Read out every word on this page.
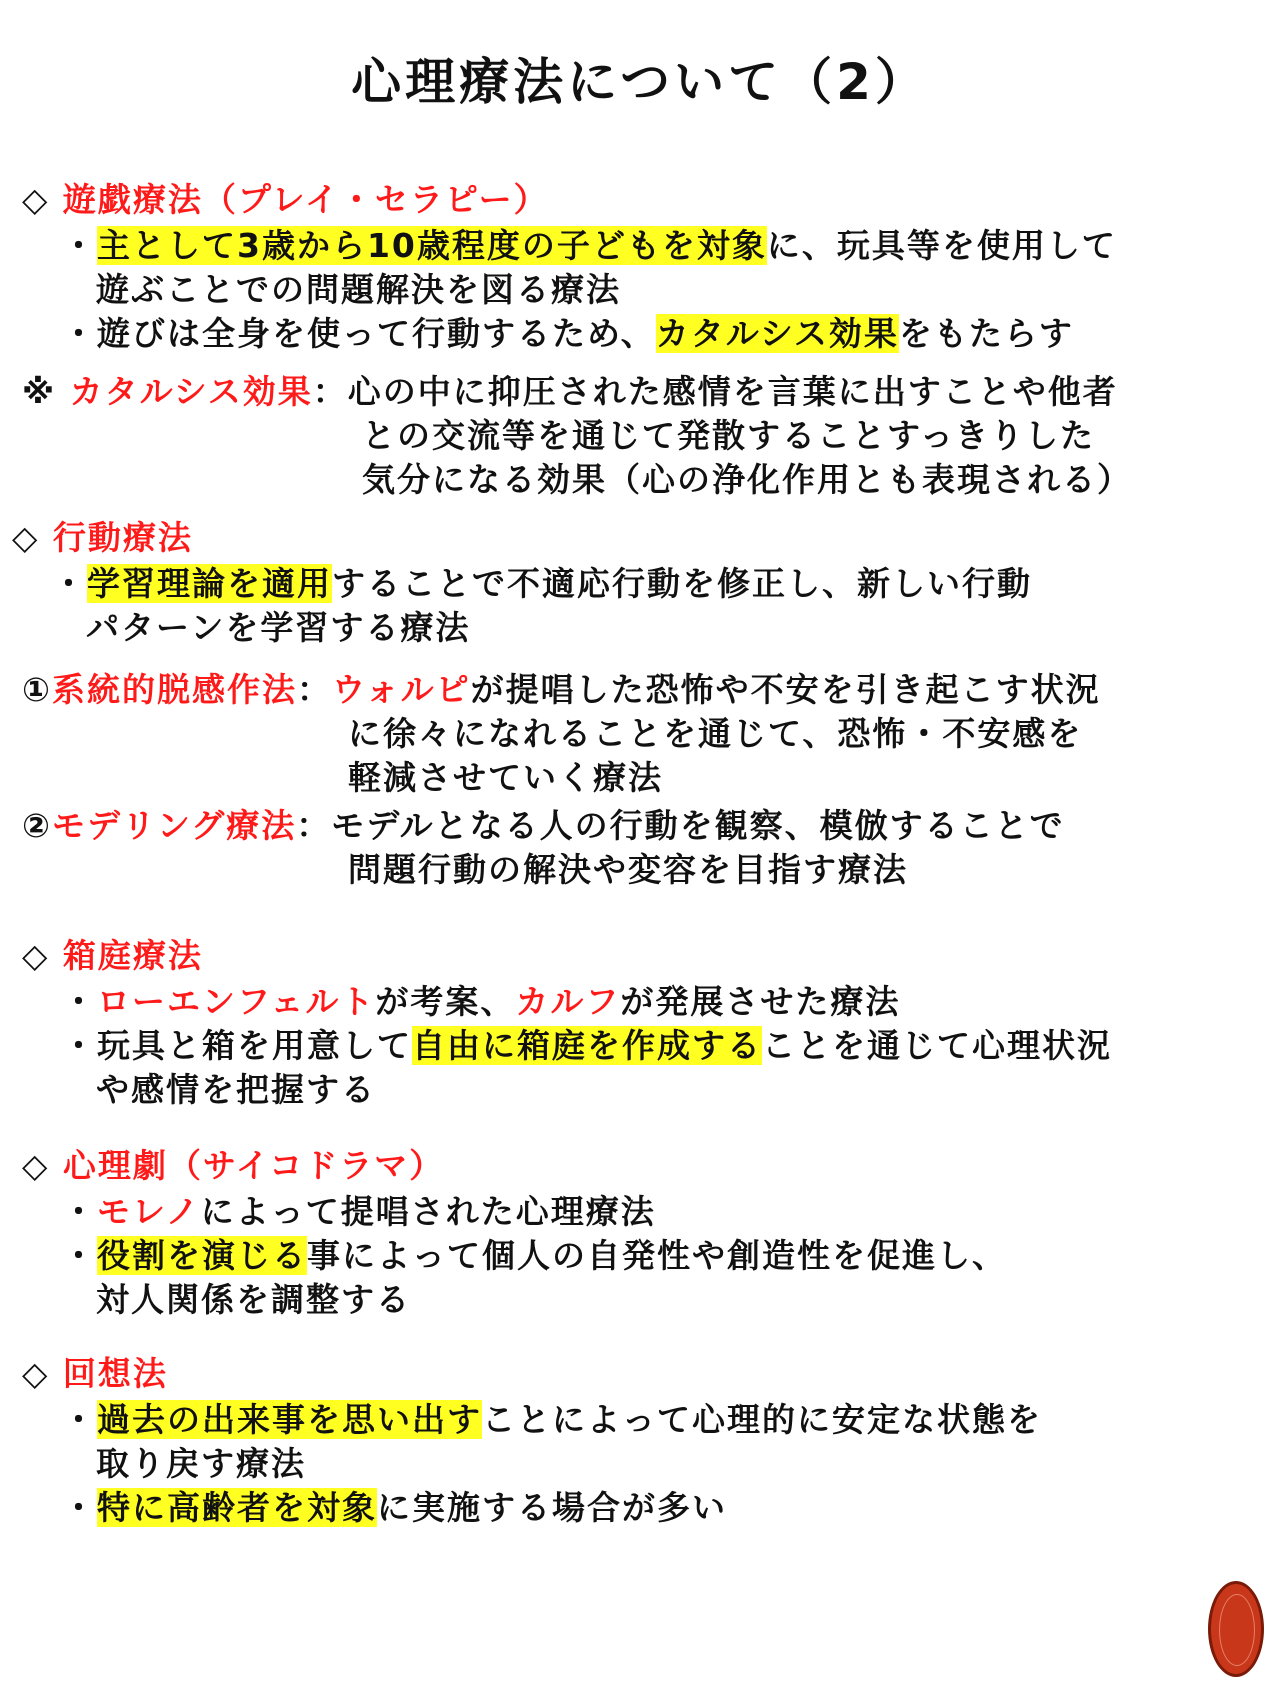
心理療法について（2）
◇ 遊戯療法（プレイ・セラピー）
・主として3歳から10歳程度の子どもを対象に、玩具等を使用して
遊ぶことでの問題解決を図る療法
・遊びは全身を使って行動するため、カタルシス効果をもたらす
※ カタルシス効果：心の中に抑圧された感情を言葉に出すことや他者
との交流等を通じて発散することすっきりした
気分になる効果（心の浄化作用とも表現される）
◇ 行動療法
・学習理論を適用することで不適応行動を修正し、新しい行動
パターンを学習する療法
①系統的脱感作法：ウォルピが提唱した恐怖や不安を引き起こす状況
に徐々になれることを通じて、恐怖・不安感を
軽減させていく療法
②モデリング療法：モデルとなる人の行動を観察、模倣することで
問題行動の解決や変容を目指す療法
◇ 箱庭療法
・ローエンフェルトが考案、カルフが発展させた療法
・玩具と箱を用意して自由に箱庭を作成することを通じて心理状況
や感情を把握する
◇ 心理劇（サイコドラマ）
・モレノによって提唱された心理療法
・役割を演じる事によって個人の自発性や創造性を促進し、
対人関係を調整する
◇ 回想法
・過去の出来事を思い出すことによって心理的に安定な状態を
取り戻す療法
・特に高齢者を対象に実施する場合が多い
